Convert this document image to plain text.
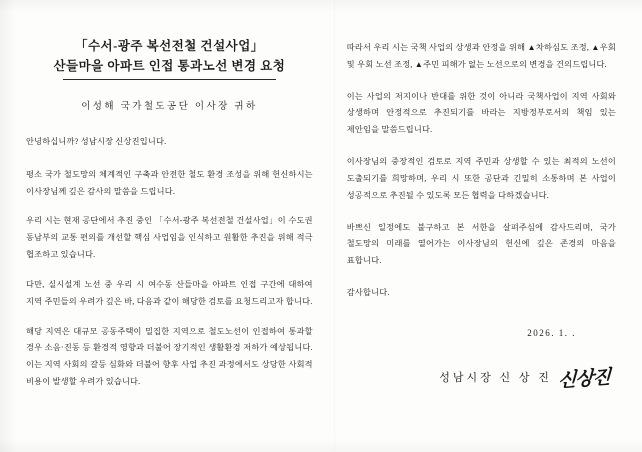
「수서-광주 복선전철 건설사업」
산들마을 아파트 인접 통과노선 변경 요청
이성해 국가철도공단 이사장 귀하
안녕하십니까? 성남시장 신상진입니다.
평소 국가 철도망의 체계적인 구축과 안전한 철도 환경 조성을 위해 헌신하시는 이사장님께 깊은 감사의 말씀을 드립니다.
우리 시는 현재 공단에서 추진 중인 「수서-광주 복선전철 건설사업」이 수도권 동남부의 교통 편의를 개선할 핵심 사업임을 인식하고 원활한 추진을 위해 적극 협조하고 있습니다.
다만, 실시설계 노선 중 우리 시 여수동 산들마을 아파트 인접 구간에 대하여 지역 주민들의 우려가 깊은 바, 다음과 같이 해당한 검토를 요청드리고자 합니다.
해당 지역은 대규모 공동주택이 밀집한 지역으로 철도노선이 인접하여 통과할 경우 소음·진동 등 환경적 영향과 더불어 장기적인 생활환경 저하가 예상됩니다. 이는 지역 사회의 갈등 심화와 더불어 향후 사업 추진 과정에서도 상당한 사회적 비용이 발생할 우려가 있습니다.
따라서 우리 시는 국책 사업의 상생과 안정을 위해 ▲차하심도 조정, ▲우회 및 우회 노선 조정, ▲주민 피해가 없는 노선으로의 변경을 건의드립니다.
이는 사업의 저지이나 반대를 위한 것이 아니라 국책사업이 지역 사회와 상생하며 안정적으로 추진되기를 바라는 지방정부로서의 책임 있는 제안임을 말씀드립니다.
이사장님의 중장적인 검토로 지역 주민과 상생할 수 있는 최적의 노선이 도출되기를 희망하며, 우리 시 또한 공단과 긴밀히 소통하며 본 사업이 성공적으로 추진될 수 있도록 모든 협력을 다하겠습니다.
바쁘신 일정에도 불구하고 본 서한을 살펴주심에 감사드리며, 국가 철도망의 미래를 열어가는 이사장님의 헌신에 깊은 존경의 마음을 표합니다.
감사합니다.
2026. 1. .
성남시장 신 상 진 신상진
